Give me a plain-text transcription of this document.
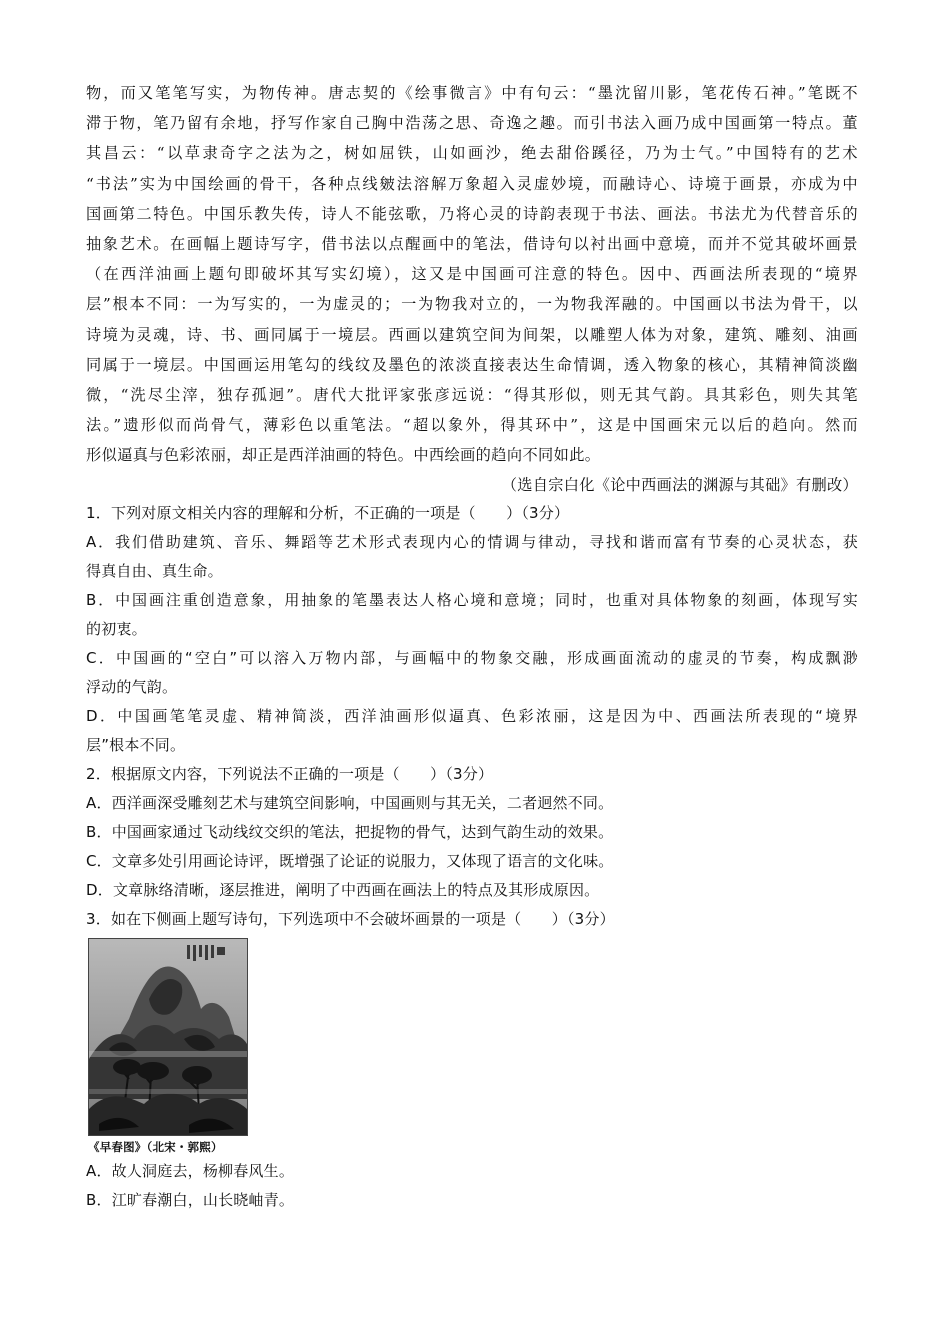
物，而又笔笔写实，为物传神。唐志契的《绘事微言》中有句云：“墨沈留川影，笔花传石神。”笔既不

滞于物，笔乃留有余地，抒写作家自己胸中浩荡之思、奇逸之趣。而引书法入画乃成中国画第一特点。董

其昌云：“以草隶奇字之法为之，树如屈铁，山如画沙，绝去甜俗蹊径，乃为士气。”中国特有的艺术

“书法”实为中国绘画的骨干，各种点线皴法溶解万象超入灵虚妙境，而融诗心、诗境于画景，亦成为中

国画第二特色。中国乐教失传，诗人不能弦歌，乃将心灵的诗韵表现于书法、画法。书法尤为代替音乐的

抽象艺术。在画幅上题诗写字，借书法以点醒画中的笔法，借诗句以衬出画中意境，而并不觉其破坏画景

（在西洋油画上题句即破坏其写实幻境），这又是中国画可注意的特色。因中、西画法所表现的“境界

层”根本不同：一为写实的，一为虚灵的；一为物我对立的，一为物我浑融的。中国画以书法为骨干，以

诗境为灵魂，诗、书、画同属于一境层。西画以建筑空间为间架，以雕塑人体为对象，建筑、雕刻、油画

同属于一境层。中国画运用笔勾的线纹及墨色的浓淡直接表达生命情调，透入物象的核心，其精神简淡幽

微，“洗尽尘滓，独存孤迥”。唐代大批评家张彦远说：“得其形似，则无其气韵。具其彩色，则失其笔

法。”遗形似而尚骨气，薄彩色以重笔法。“超以象外，得其环中”，这是中国画宋元以后的趋向。然而

形似逼真与色彩浓丽，却正是西洋油画的特色。中西绘画的趋向不同如此。

（选自宗白化《论中西画法的渊源与其础》有删改）

1．下列对原文相关内容的理解和分析，不正确的一项是（　　）（3分）

A．我们借助建筑、音乐、舞蹈等艺术形式表现内心的情调与律动，寻找和谐而富有节奏的心灵状态，获

得真自由、真生命。

B．中国画注重创造意象，用抽象的笔墨表达人格心境和意境；同时，也重对具体物象的刻画，体现写实

的初衷。

C．中国画的“空白”可以溶入万物内部，与画幅中的物象交融，形成画面流动的虚灵的节奏，构成飘渺

浮动的气韵。

D．中国画笔笔灵虚、精神简淡，西洋油画形似逼真、色彩浓丽，这是因为中、西画法所表现的“境界

层”根本不同。

2．根据原文内容，下列说法不正确的一项是（　　）（3分）

A．西洋画深受雕刻艺术与建筑空间影响，中国画则与其无关，二者迥然不同。

B．中国画家通过飞动线纹交织的笔法，把捉物的骨气，达到气韵生动的效果。

C．文章多处引用画论诗评，既增强了论证的说服力，又体现了语言的文化味。

D．文章脉络清晰，逐层推进，阐明了中西画在画法上的特点及其形成原因。

3．如在下侧画上题写诗句，下列选项中不会破坏画景的一项是（　　）（3分）

《早春图》（北宋・郭熙）

A．故人洞庭去，杨柳春风生。

B．江旷春潮白，山长晓岫青。
